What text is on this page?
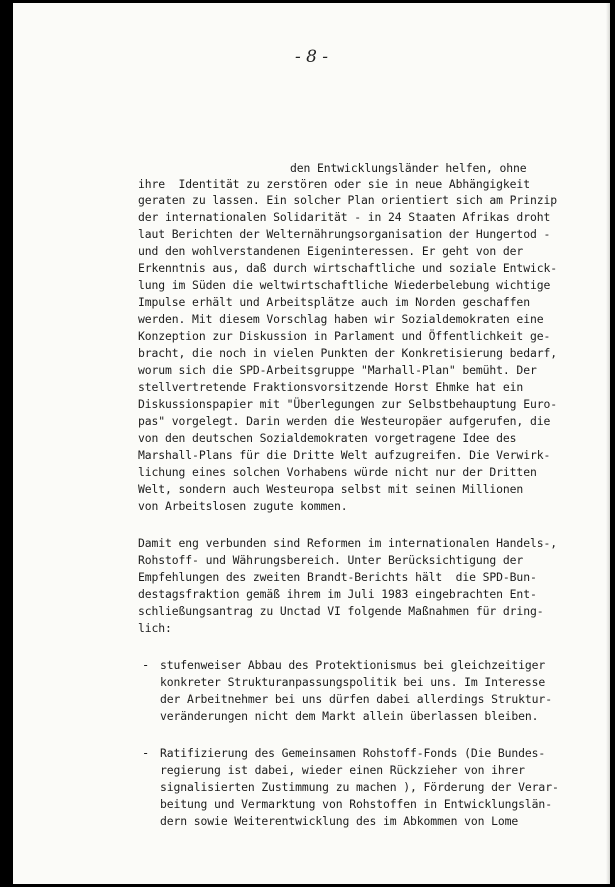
- 8 -
den Entwicklungsländer helfen, ohne
ihre  Identität zu zerstören oder sie in neue Abhängigkeit
geraten zu lassen. Ein solcher Plan orientiert sich am Prinzip
der internationalen Solidarität - in 24 Staaten Afrikas droht
laut Berichten der Welternährungsorganisation der Hungertod -
und den wohlverstandenen Eigeninteressen. Er geht von der
Erkenntnis aus, daß durch wirtschaftliche und soziale Entwick-
lung im Süden die weltwirtschaftliche Wiederbelebung wichtige
Impulse erhält und Arbeitsplätze auch im Norden geschaffen
werden. Mit diesem Vorschlag haben wir Sozialdemokraten eine
Konzeption zur Diskussion in Parlament und Öffentlichkeit ge-
bracht, die noch in vielen Punkten der Konkretisierung bedarf,
worum sich die SPD-Arbeitsgruppe "Marhall-Plan" bemüht. Der
stellvertretende Fraktionsvorsitzende Horst Ehmke hat ein
Diskussionspapier mit "Überlegungen zur Selbstbehauptung Euro-
pas" vorgelegt. Darin werden die Westeuropäer aufgerufen, die
von den deutschen Sozialdemokraten vorgetragene Idee des
Marshall-Plans für die Dritte Welt aufzugreifen. Die Verwirk-
lichung eines solchen Vorhabens würde nicht nur der Dritten
Welt, sondern auch Westeuropa selbst mit seinen Millionen
von Arbeitslosen zugute kommen.
Damit eng verbunden sind Reformen im internationalen Handels-,
Rohstoff- und Währungsbereich. Unter Berücksichtigung der
Empfehlungen des zweiten Brandt-Berichts hält  die SPD-Bun-
destagsfraktion gemäß ihrem im Juli 1983 eingebrachten Ent-
schließungsantrag zu Unctad VI folgende Maßnahmen für dring-
lich:
- stufenweiser Abbau des Protektionismus bei gleichzeitiger
konkreter Strukturanpassungspolitik bei uns. Im Interesse
der Arbeitnehmer bei uns dürfen dabei allerdings Struktur-
veränderungen nicht dem Markt allein überlassen bleiben.
- Ratifizierung des Gemeinsamen Rohstoff-Fonds (Die Bundes-
regierung ist dabei, wieder einen Rückzieher von ihrer
signalisierten Zustimmung zu machen ), Förderung der Verar-
beitung und Vermarktung von Rohstoffen in Entwicklungslän-
dern sowie Weiterentwicklung des im Abkommen von Lome
